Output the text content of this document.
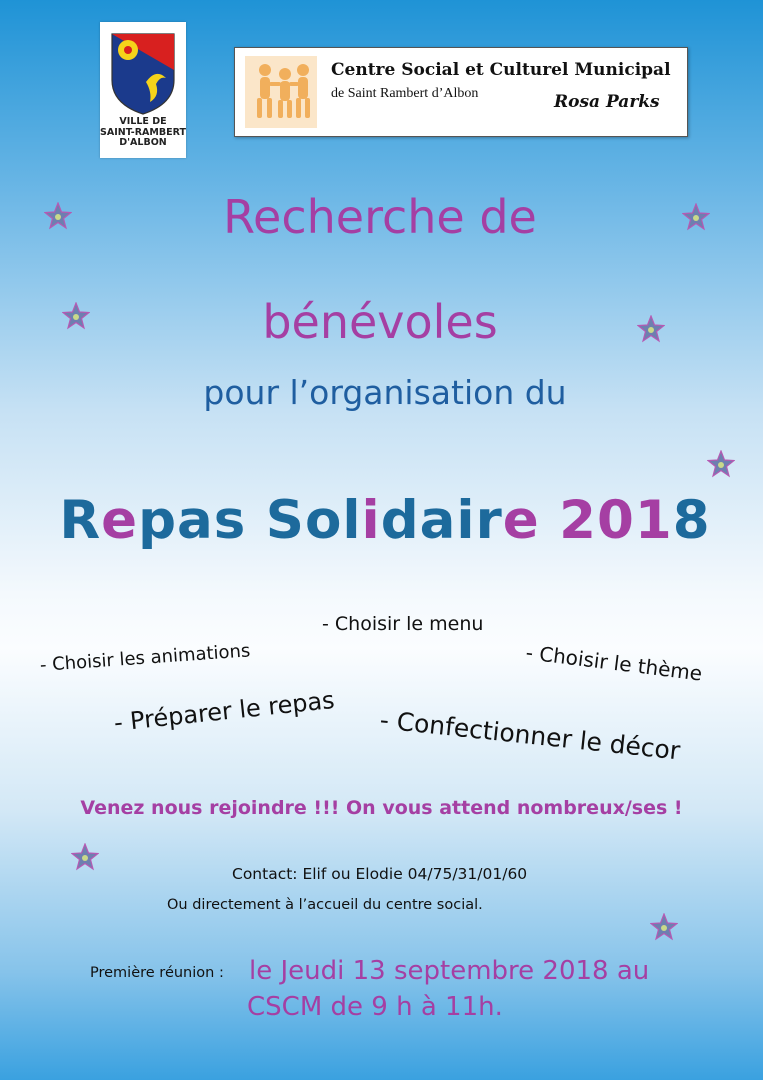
VILLE DE
SAINT-RAMBERT
D'ALBON
Centre Social et Culturel Municipal
de Saint Rambert d’Albon	Rosa Parks
Recherche de
bénévoles
pour l’organisation du
Repas Solidaire 2018
- Choisir le menu
- Choisir les animations	- Choisir le thème
- Préparer le repas - Confectionner le décor
Venez nous rejoindre !!! On vous attend nombreux/ses !
Contact: Elif ou Elodie 04/75/31/01/60
Ou directement à l’accueil du centre social.
Première réunion : le Jeudi 13 septembre 2018 au
CSCM de 9 h à 11h.
